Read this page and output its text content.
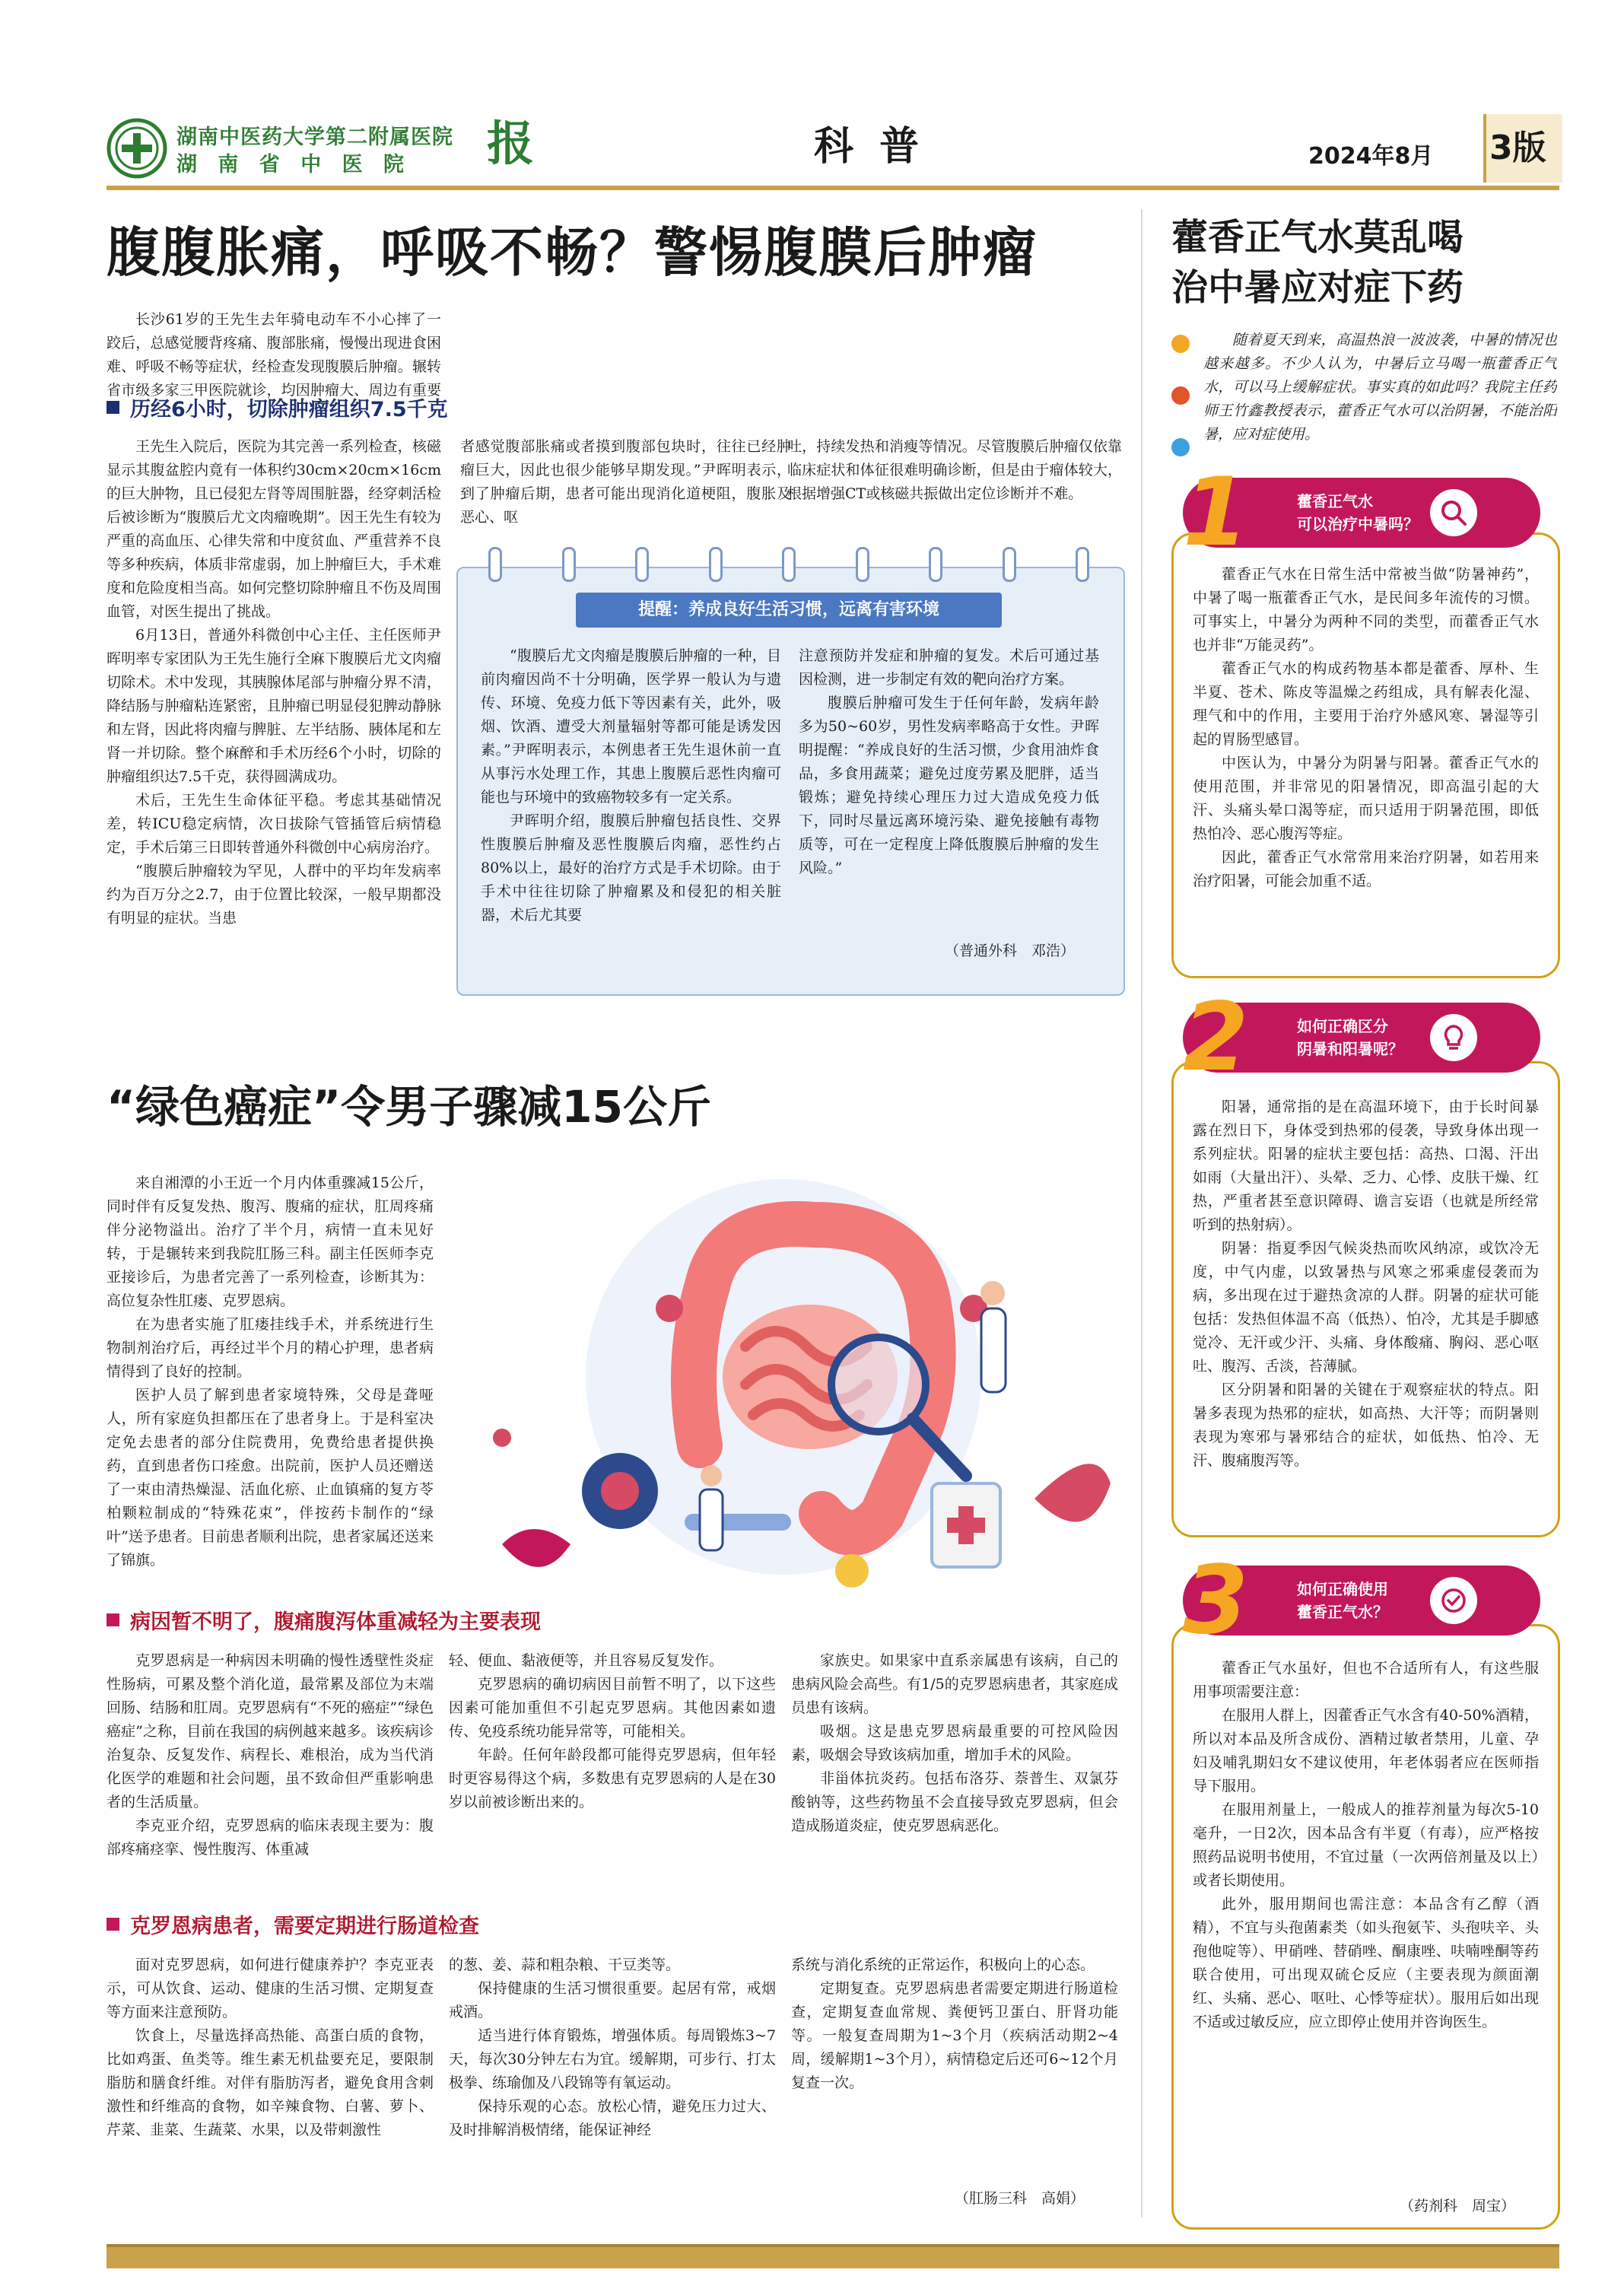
湖南中医药大学第二附属医院
湖 南 省 中 医 院 报	科 普	2024年8月 3版
腹腹胀痛，呼吸不畅？警惕腹膜后肿瘤

长沙61岁的王先生去年骑电动车不小心摔了一跤后，总感觉腰背疼痛、腹部胀痛，慢慢出现进食困难、呼吸不畅等症状，经检查发现腹膜后肿瘤。辗转省市级多家三甲医院就诊，均因肿瘤大、周边有重要

历经6小时，切除肿瘤组织7.5千克

王先生入院后，医院为其完善一系列检查，核磁显示其腹盆腔内竟有一体积约30cm×20cm×16cm的巨大肿物，且已侵犯左肾等周围脏器，经穿刺活检后被诊断为“腹膜后尤文肉瘤晚期”。因王先生有较为严重的高血压、心律失常和中度贫血、严重营养不良等多种疾病，体质非常虚弱，加上肿瘤巨大，手术难度和危险度相当高。如何完整切除肿瘤且不伤及周围血管，对医生提出了挑战。

6月13日，普通外科微创中心主任、主任医师尹晖明率专家团队为王先生施行全麻下腹膜后尤文肉瘤切除术。术中发现，其胰腺体尾部与肿瘤分界不清，降结肠与肿瘤粘连紧密，且肿瘤已明显侵犯脾动静脉和左肾，因此将肉瘤与脾脏、左半结肠、胰体尾和左肾一并切除。整个麻醉和手术历经6个小时，切除的肿瘤组织达7.5千克，获得圆满成功。

术后，王先生生命体征平稳。考虑其基础情况差，转ICU稳定病情，次日拔除气管插管后病情稳定，手术后第三日即转普通外科微创中心病房治疗。

“腹膜后肿瘤较为罕见，人群中的平均年发病率约为百万分之2.7，由于位置比较深，一般早期都没有明显的症状。当患

者感觉腹部胀痛或者摸到腹部包块时，往往已经肿瘤巨大，因此也很少能够早期发现。”尹晖明表示，到了肿瘤后期，患者可能出现消化道梗阻，腹胀及恶心、呕

吐，持续发热和消瘦等情况。尽管腹膜后肿瘤仅依靠临床症状和体征很难明确诊断，但是由于瘤体较大，根据增强CT或核磁共振做出定位诊断并不难。

提醒：养成良好生活习惯，远离有害环境

“腹膜后尤文肉瘤是腹膜后肿瘤的一种，目前肉瘤因尚不十分明确，医学界一般认为与遗传、环境、免疫力低下等因素有关，此外，吸烟、饮酒、遭受大剂量辐射等都可能是诱发因素。”尹晖明表示，本例患者王先生退休前一直从事污水处理工作，其患上腹膜后恶性肉瘤可能也与环境中的致癌物较多有一定关系。

尹晖明介绍，腹膜后肿瘤包括良性、交界性腹膜后肿瘤及恶性腹膜后肉瘤，恶性约占80%以上，最好的治疗方式是手术切除。由于手术中往往切除了肿瘤累及和侵犯的相关脏器，术后尤其要

注意预防并发症和肿瘤的复发。术后可通过基因检测，进一步制定有效的靶向治疗方案。

腹膜后肿瘤可发生于任何年龄，发病年龄多为50~60岁，男性发病率略高于女性。尹晖明提醒：“养成良好的生活习惯，少食用油炸食品，多食用蔬菜；避免过度劳累及肥胖，适当锻炼；避免持续心理压力过大造成免疫力低下，同时尽量远离环境污染、避免接触有毒物质等，可在一定程度上降低腹膜后肿瘤的发生风险。”

（普通外科　邓浩）
“绿色癌症”令男子骤减15公斤

来自湘潭的小王近一个月内体重骤减15公斤，同时伴有反复发热、腹泻、腹痛的症状，肛周疼痛伴分泌物溢出。治疗了半个月，病情一直未见好转，于是辗转来到我院肛肠三科。副主任医师李克亚接诊后，为患者完善了一系列检查，诊断其为：高位复杂性肛瘘、克罗恩病。

在为患者实施了肛瘘挂线手术，并系统进行生物制剂治疗后，再经过半个月的精心护理，患者病情得到了良好的控制。

医护人员了解到患者家境特殊，父母是聋哑人，所有家庭负担都压在了患者身上。于是科室决定免去患者的部分住院费用，免费给患者提供换药，直到患者伤口痊愈。出院前，医护人员还赠送了一束由清热燥湿、活血化瘀、止血镇痛的复方苓柏颗粒制成的“特殊花束”，伴按药卡制作的“绿叶”送予患者。目前患者顺利出院，患者家属还送来了锦旗。

病因暂不明了，腹痛腹泻体重减轻为主要表现

克罗恩病是一种病因未明确的慢性透壁性炎症性肠病，可累及整个消化道，最常累及部位为末端回肠、结肠和肛周。克罗恩病有“不死的癌症”“绿色癌症”之称，目前在我国的病例越来越多。该疾病诊治复杂、反复发作、病程长、难根治，成为当代消化医学的难题和社会问题，虽不致命但严重影响患者的生活质量。

李克亚介绍，克罗恩病的临床表现主要为：腹部疼痛痉挛、慢性腹泻、体重减

轻、便血、黏液便等，并且容易反复发作。

克罗恩病的确切病因目前暂不明了，以下这些因素可能加重但不引起克罗恩病。其他因素如遗传、免疫系统功能异常等，可能相关。

年龄。任何年龄段都可能得克罗恩病，但年轻时更容易得这个病，多数患有克罗恩病的人是在30岁以前被诊断出来的。

家族史。如果家中直系亲属患有该病，自己的患病风险会高些。有1/5的克罗恩病患者，其家庭成员患有该病。

吸烟。这是患克罗恩病最重要的可控风险因素，吸烟会导致该病加重，增加手术的风险。

非甾体抗炎药。包括布洛芬、萘普生、双氯芬酸钠等，这些药物虽不会直接导致克罗恩病，但会造成肠道炎症，使克罗恩病恶化。

克罗恩病患者，需要定期进行肠道检查

面对克罗恩病，如何进行健康养护？李克亚表示，可从饮食、运动、健康的生活习惯、定期复查等方面来注意预防。

饮食上，尽量选择高热能、高蛋白质的食物，比如鸡蛋、鱼类等。维生素无机盐要充足，要限制脂肪和膳食纤维。对伴有脂肪泻者，避免食用含刺激性和纤维高的食物，如辛辣食物、白薯、萝卜、芹菜、韭菜、生蔬菜、水果，以及带刺激性

的葱、姜、蒜和粗杂粮、干豆类等。

保持健康的生活习惯很重要。起居有常，戒烟戒酒。

适当进行体育锻炼，增强体质。每周锻炼3~7天，每次30分钟左右为宜。缓解期，可步行、打太极拳、练瑜伽及八段锦等有氧运动。

保持乐观的心态。放松心情，避免压力过大、及时排解消极情绪，能保证神经

系统与消化系统的正常运作，积极向上的心态。

定期复查。克罗恩病患者需要定期进行肠道检查，定期复查血常规、粪便钙卫蛋白、肝肾功能等。一般复查周期为1~3个月（疾病活动期2~4周，缓解期1~3个月），病情稳定后还可6~12个月复查一次。

（肛肠三科　高娟）
藿香正气水莫乱喝
治中暑应对症下药

随着夏天到来，高温热浪一波波袭，中暑的情况也越来越多。不少人认为，中暑后立马喝一瓶藿香正气水，可以马上缓解症状。事实真的如此吗？我院主任药师王竹鑫教授表示，藿香正气水可以治阴暑，不能治阳暑，应对症使用。

藿香正气水
可以治疗中暑吗？
1

藿香正气水在日常生活中常被当做“防暑神药”，中暑了喝一瓶藿香正气水，是民间多年流传的习惯。可事实上，中暑分为两种不同的类型，而藿香正气水也并非“万能灵药”。

藿香正气水的构成药物基本都是藿香、厚朴、生半夏、苍术、陈皮等温燥之药组成，具有解表化湿、理气和中的作用，主要用于治疗外感风寒、暑湿等引起的胃肠型感冒。

中医认为，中暑分为阴暑与阳暑。藿香正气水的使用范围，并非常见的阳暑情况，即高温引起的大汗、头痛头晕口渴等症，而只适用于阴暑范围，即低热怕冷、恶心腹泻等症。

因此，藿香正气水常常用来治疗阴暑，如若用来治疗阳暑，可能会加重不适。

如何正确区分
阴暑和阳暑呢？
2

阳暑，通常指的是在高温环境下，由于长时间暴露在烈日下，身体受到热邪的侵袭，导致身体出现一系列症状。阳暑的症状主要包括：高热、口渴、汗出如雨（大量出汗）、头晕、乏力、心悸、皮肤干燥、红热，严重者甚至意识障碍、谵言妄语（也就是所经常听到的热射病）。

阴暑：指夏季因气候炎热而吹风纳凉，或饮冷无度，中气内虚，以致暑热与风寒之邪乘虚侵袭而为病，多出现在过于避热贪凉的人群。阴暑的症状可能包括：发热但体温不高（低热）、怕冷，尤其是手脚感觉冷、无汗或少汗、头痛、身体酸痛、胸闷、恶心呕吐、腹泻、舌淡，苔薄腻。

区分阴暑和阳暑的关键在于观察症状的特点。阳暑多表现为热邪的症状，如高热、大汗等；而阴暑则表现为寒邪与暑邪结合的症状，如低热、怕冷、无汗、腹痛腹泻等。

如何正确使用
藿香正气水？
3

藿香正气水虽好，但也不合适所有人，有这些服用事项需要注意：

在服用人群上，因藿香正气水含有40-50%酒精，所以对本品及所含成份、酒精过敏者禁用，儿童、孕妇及哺乳期妇女不建议使用，年老体弱者应在医师指导下服用。

在服用剂量上，一般成人的推荐剂量为每次5-10毫升，一日2次，因本品含有半夏（有毒），应严格按照药品说明书使用，不宜过量（一次两倍剂量及以上）或者长期使用。

此外，服用期间也需注意：本品含有乙醇（酒精），不宜与头孢菌素类（如头孢氨苄、头孢呋辛、头孢他啶等）、甲硝唑、替硝唑、酮康唑、呋喃唑酮等药联合使用，可出现双硫仑反应（主要表现为颜面潮红、头痛、恶心、呕吐、心悸等症状）。服用后如出现不适或过敏反应，应立即停止使用并咨询医生。

（药剂科　周宝）
